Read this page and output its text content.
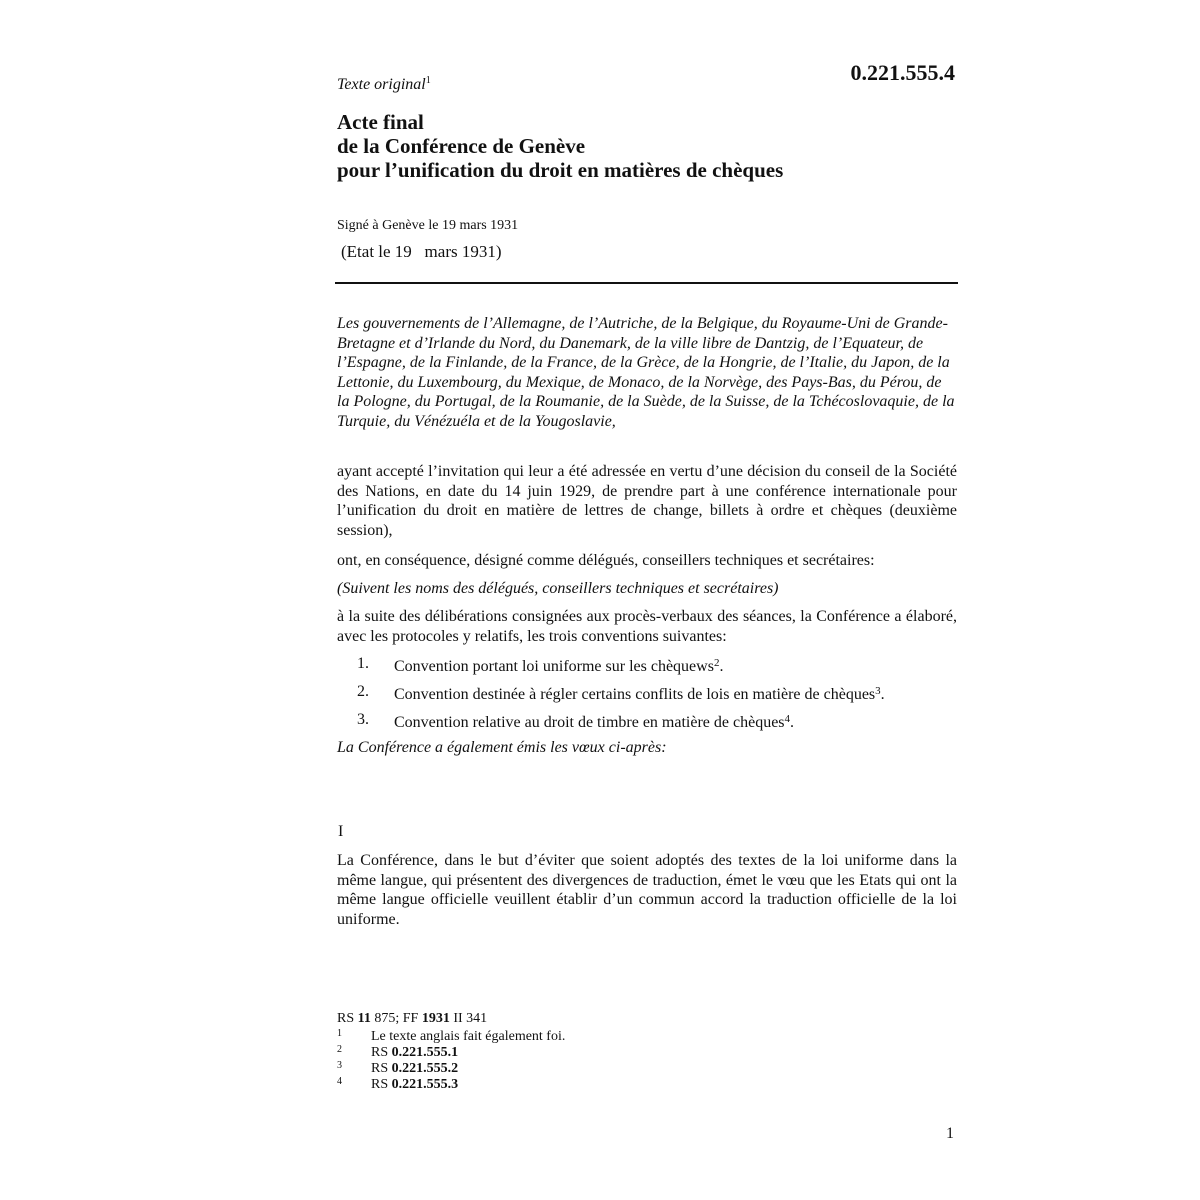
Texte original$^1$	0.221.555.4
Acte final
de la Conférence de Genève
pour l’unification du droit en matières de chèques
Signé à Genève le 19 mars 1931
(Etat le 19   mars 1931)
Les gouvernements de l’Allemagne, de l’Autriche, de la Belgique, du Royaume-Uni de Grande-Bretagne et d’Irlande du Nord, du Danemark, de la ville libre de Dantzig, de l’Equateur, de l’Espagne, de la Finlande, de la France, de la Grèce, de la Hongrie, de l’Italie, du Japon, de la Lettonie, du Luxembourg, du Mexique, de Monaco, de la Norvège, des Pays-Bas, du Pérou, de la Pologne, du Portugal, de la Roumanie, de la Suède, de la Suisse, de la Tchécoslovaquie, de la Turquie, du Vénézuéla et de la Yougoslavie,
ayant accepté l’invitation qui leur a été adressée en vertu d’une décision du conseil de la Société des Nations, en date du 14 juin 1929, de prendre part à une conférence internationale pour l’unification du droit en matière de lettres de change, billets à ordre et chèques (deuxième session),
ont, en conséquence, désigné comme délégués, conseillers techniques et secrétaires:
(Suivent les noms des délégués, conseillers techniques et secrétaires)
à la suite des délibérations consignées aux procès-verbaux des séances, la Conférence a élaboré, avec les protocoles y relatifs, les trois conventions suivantes:
1. Convention portant loi uniforme sur les chèquews$^2$.
2. Convention destinée à régler certains conflits de lois en matière de chèques$^3$.
3. Convention relative au droit de timbre en matière de chèques$^4$.
La Conférence a également émis les vœux ci-après:
I
La Conférence, dans le but d’éviter que soient adoptés des textes de la loi uniforme dans la même langue, qui présentent des divergences de traduction, émet le vœu que les Etats qui ont la même langue officielle veuillent établir d’un commun accord la traduction officielle de la loi uniforme.
RS 11 875; FF 1931 II 341
1 Le texte anglais fait également foi.
2 RS 0.221.555.1
3 RS 0.221.555.2
4 RS 0.221.555.3
1
